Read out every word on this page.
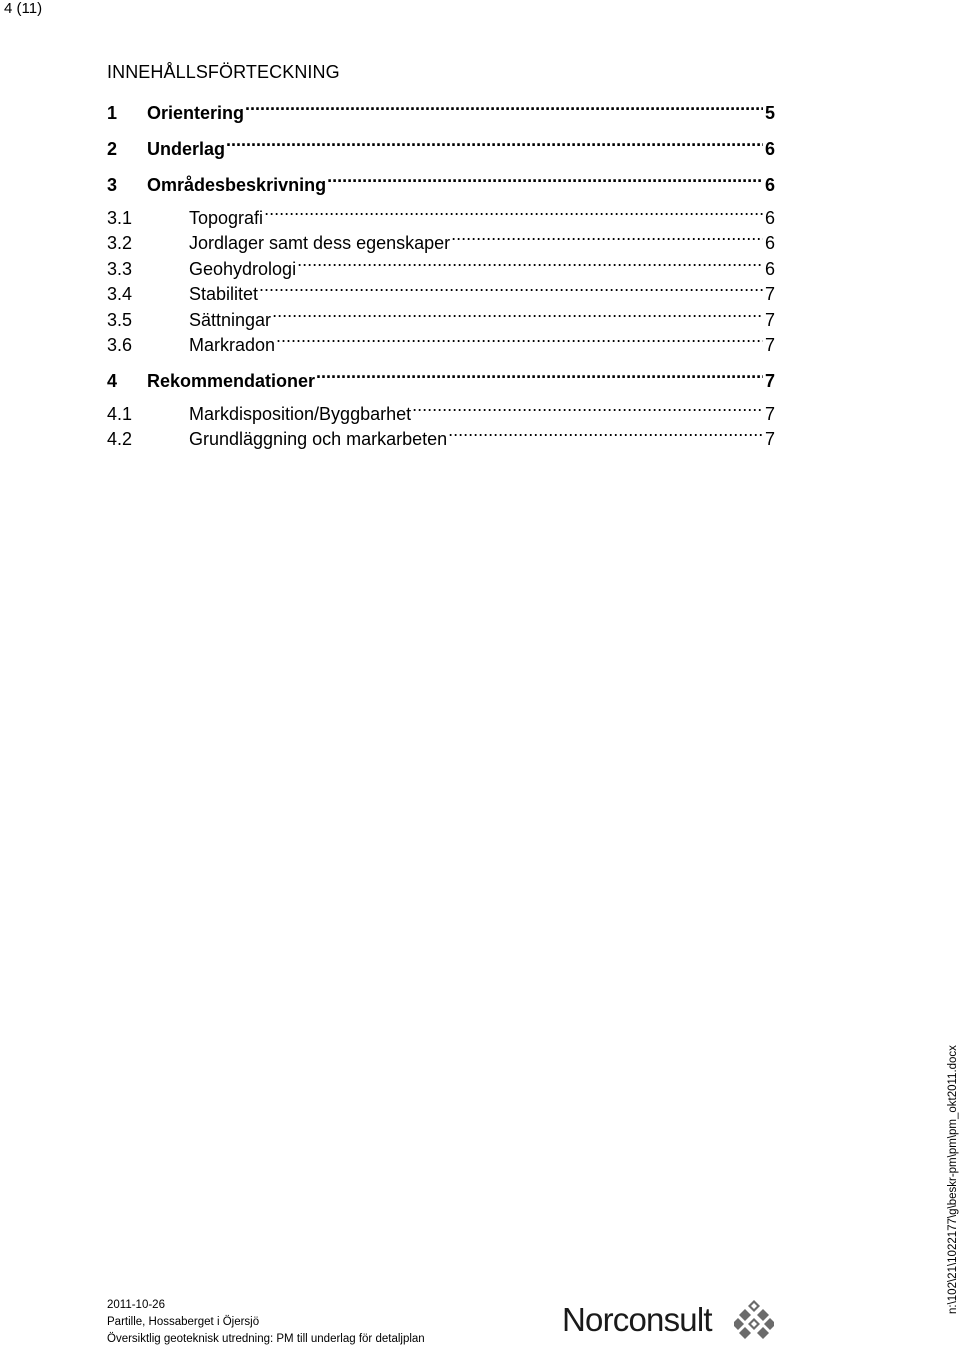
4 (11)
INNEHÅLLSFÖRTECKNING
1	Orientering .....	5
2	Underlag .....	6
3	Områdesbeskrivning .....	6
3.1	Topografi .....	6
3.2	Jordlager samt dess egenskaper .....	6
3.3	Geohydrologi .....	6
3.4	Stabilitet .....	7
3.5	Sättningar .....	7
3.6	Markradon .....	7
4	Rekommendationer .....	7
4.1	Markdisposition/Byggbarhet .....	7
4.2	Grundläggning och markarbeten .....	7
n:\102\21\1022177\g\beskr-pm\pm\pm_okt2011.docx
2011-10-26
Partille, Hossaberget i Öjersjö
Översiktlig geoteknisk utredning: PM till underlag för detaljplan
Norconsult
